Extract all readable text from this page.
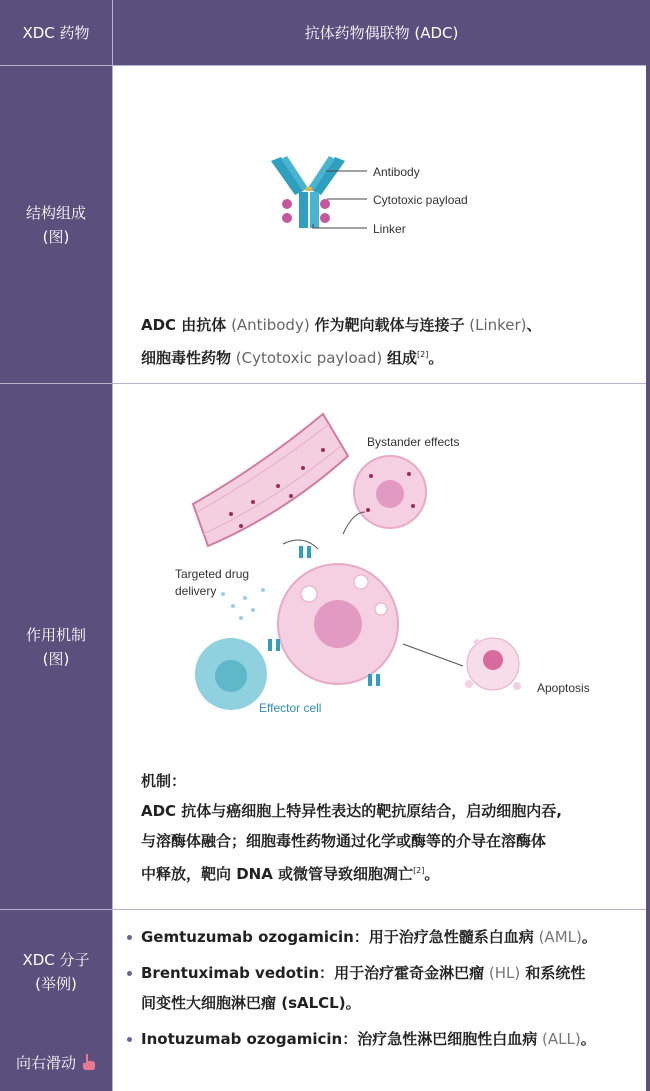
XDC 药物	抗体药物偶联物 (ADC)
结构组成
(图)
Antibody
Cytotoxic payload
Linker
ADC 由抗体 (Antibody) 作为靶向载体与连接子 (Linker)、
细胞毒性药物 (Cytotoxic payload) 组成[2]。
作用机制
(图)
Bystander effects
Targeted drug
delivery
Effector cell
Apoptosis
机制：
ADC 抗体与癌细胞上特异性表达的靶抗原结合，启动细胞内吞,
与溶酶体融合；细胞毒性药物通过化学或酶等的介导在溶酶体
中释放，靶向 DNA 或微管导致细胞凋亡[2]。
XDC 分子
(举例)
向右滑动
Gemtuzumab ozogamicin：用于治疗急性髓系白血病 (AML)。
Brentuximab vedotin：用于治疗霍奇金淋巴瘤 (HL) 和系统性
间变性大细胞淋巴瘤 (sALCL)。
Inotuzumab ozogamicin：治疗急性淋巴细胞性白血病 (ALL)。
